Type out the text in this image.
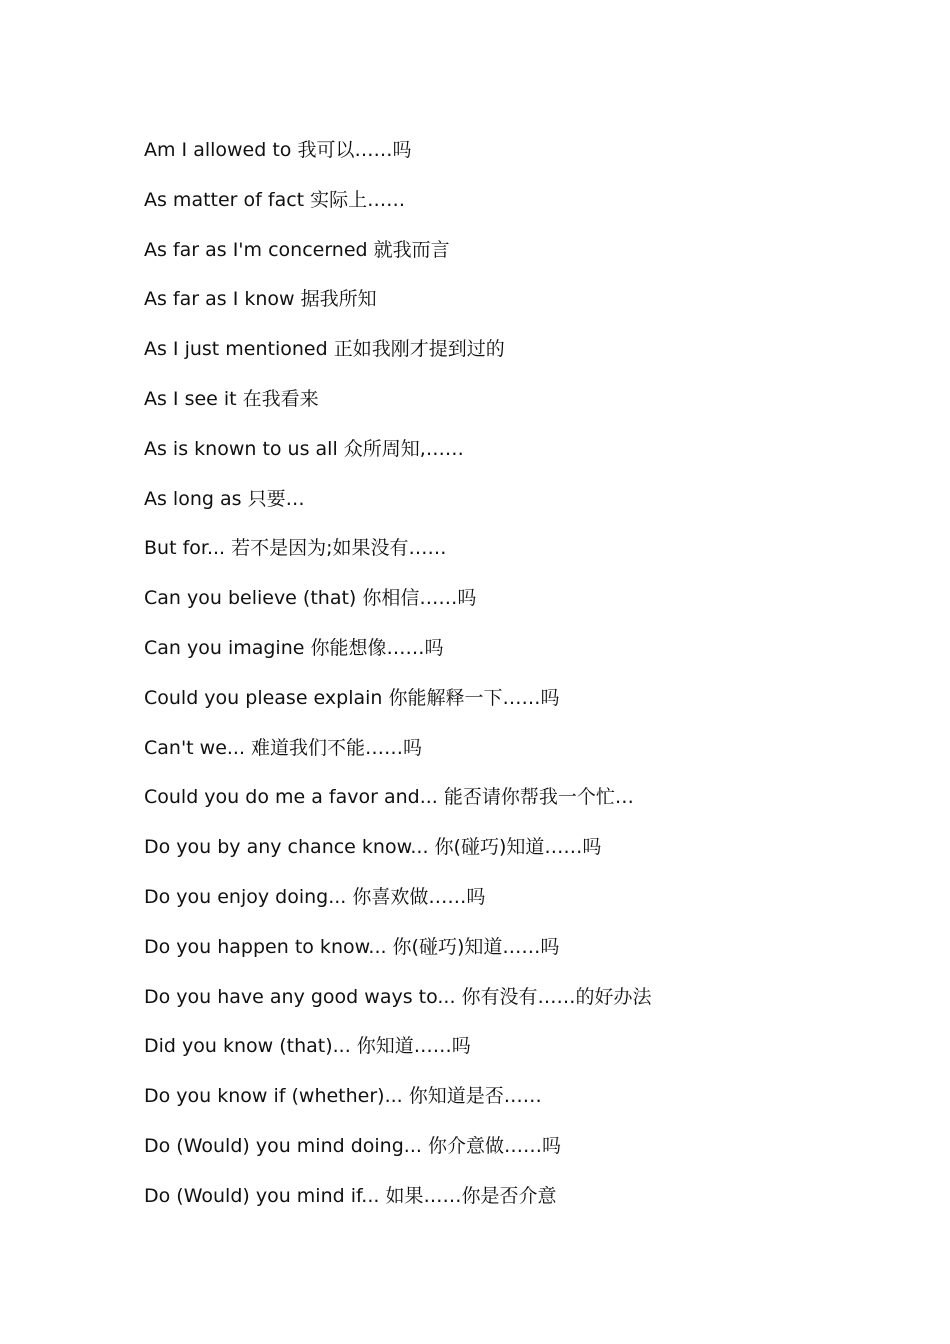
Am I allowed to 我可以……吗
As matter of fact 实际上……
As far as I'm concerned 就我而言
As far as I know 据我所知
As I just mentioned 正如我刚才提到过的
As I see it 在我看来
As is known to us all 众所周知,……
As long as 只要…
But for... 若不是因为;如果没有……
Can you believe (that) 你相信……吗
Can you imagine 你能想像……吗
Could you please explain 你能解释一下……吗
Can't we... 难道我们不能……吗
Could you do me a favor and... 能否请你帮我一个忙…
Do you by any chance know... 你(碰巧)知道……吗
Do you enjoy doing... 你喜欢做……吗
Do you happen to know... 你(碰巧)知道……吗
Do you have any good ways to... 你有没有……的好办法
Did you know (that)... 你知道……吗
Do you know if (whether)... 你知道是否……
Do (Would) you mind doing... 你介意做……吗
Do (Would) you mind if... 如果……你是否介意
